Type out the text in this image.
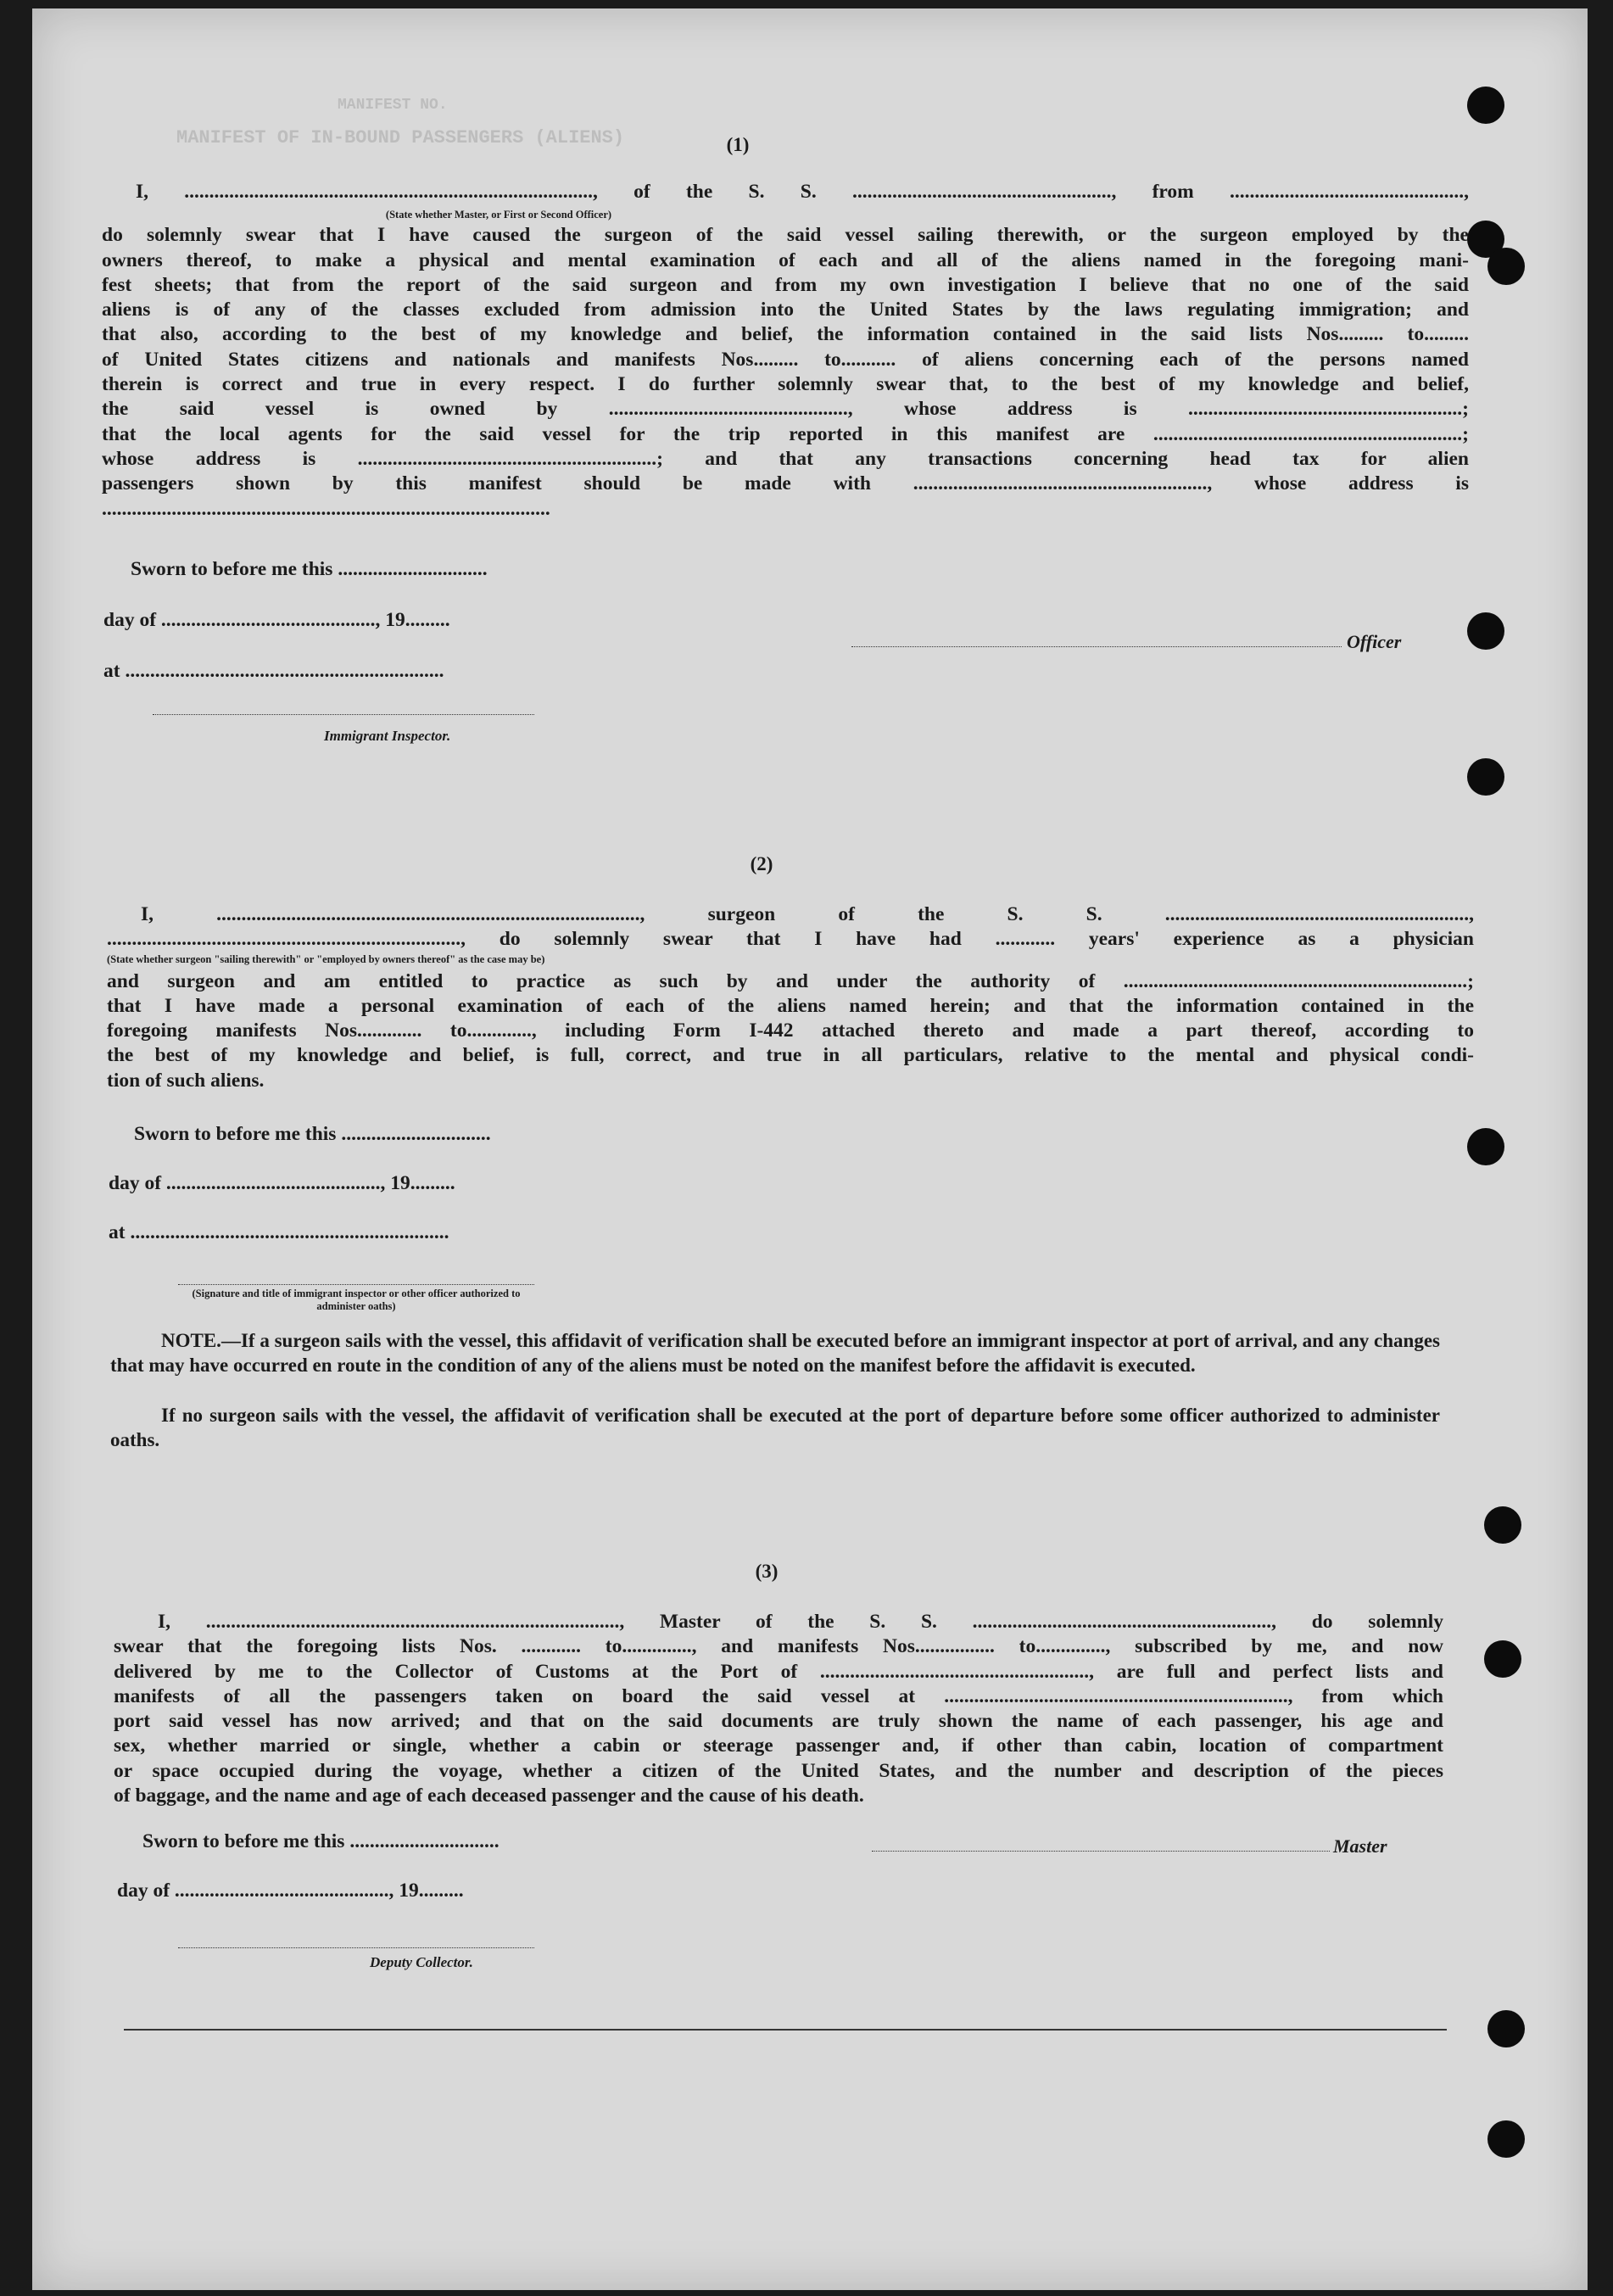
MANIFEST NO.
MANIFEST OF IN-BOUND PASSENGERS (ALIENS)	(1)
I, .................................................................................., of the S. S. ...................................................., from ...............................................,
do solemnly swear that I have caused the surgeon of the said vessel sailing therewith, or the surgeon employed by the
owners thereof, to make a physical and mental examination of each and all of the aliens named in the foregoing mani-
fest sheets; that from the report of the said surgeon and from my own investigation I believe that no one of the said
aliens is of any of the classes excluded from admission into the United States by the laws regulating immigration; and
that also, according to the best of my knowledge and belief, the information contained in the said lists Nos......... to.........
of United States citizens and nationals and manifests Nos......... to........... of aliens concerning each of the persons named
therein is correct and true in every respect. I do further solemnly swear that, to the best of my knowledge and belief,
the said vessel is owned by ................................................, whose address is .......................................................;
that the local agents for the said vessel for the trip reported in this manifest are ..............................................................;
whose address is ............................................................; and that any transactions concerning head tax for alien
passengers shown by this manifest should be made with ..........................................................., whose address is
..........................................................................................
(State whether Master, or First or Second Officer)
Sworn to before me this ..............................
day of ..........................................., 19.........
at ................................................................
Immigrant Inspector.
Officer
(2)
I, ....................................................................................., surgeon of the S. S. .............................................................,
......................................................................., do solemnly swear that I have had ............ years' experience as a physician
and surgeon and am entitled to practice as such by and under the authority of .....................................................................;
that I have made a personal examination of each of the aliens named herein; and that the information contained in the
foregoing manifests Nos............. to............., including Form I-442 attached thereto and made a part thereof, according to
the best of my knowledge and belief, is full, correct, and true in all particulars, relative to the mental and physical condi-
tion of such aliens.
(State whether surgeon "sailing therewith" or "employed by owners thereof" as the case may be)
Sworn to before me this ..............................
day of ..........................................., 19.........
at ................................................................
(Signature and title of immigrant inspector or other officer authorized to administer oaths)
NOTE.—If a surgeon sails with the vessel, this affidavit of verification shall be executed before an immigrant inspector at port of arrival, and any changes that may have occurred en route in the condition of any of the aliens must be noted on the manifest before the affidavit is executed.
If no surgeon sails with the vessel, the affidavit of verification shall be executed at the port of departure before some officer authorized to administer oaths.
(3)
I, ..................................................................................., Master of the S. S. ............................................................, do solemnly
swear that the foregoing lists Nos. ............ to.............., and manifests Nos................ to.............., subscribed by me, and now
delivered by me to the Collector of Customs at the Port of ......................................................, are full and perfect lists and
manifests of all the passengers taken on board the said vessel at ....................................................................., from which
port said vessel has now arrived; and that on the said documents are truly shown the name of each passenger, his age and
sex, whether married or single, whether a cabin or steerage passenger and, if other than cabin, location of compartment
or space occupied during the voyage, whether a citizen of the United States, and the number and description of the pieces
of baggage, and the name and age of each deceased passenger and the cause of his death.
Sworn to before me this ..............................
day of ..........................................., 19.........
Master
Deputy Collector.
